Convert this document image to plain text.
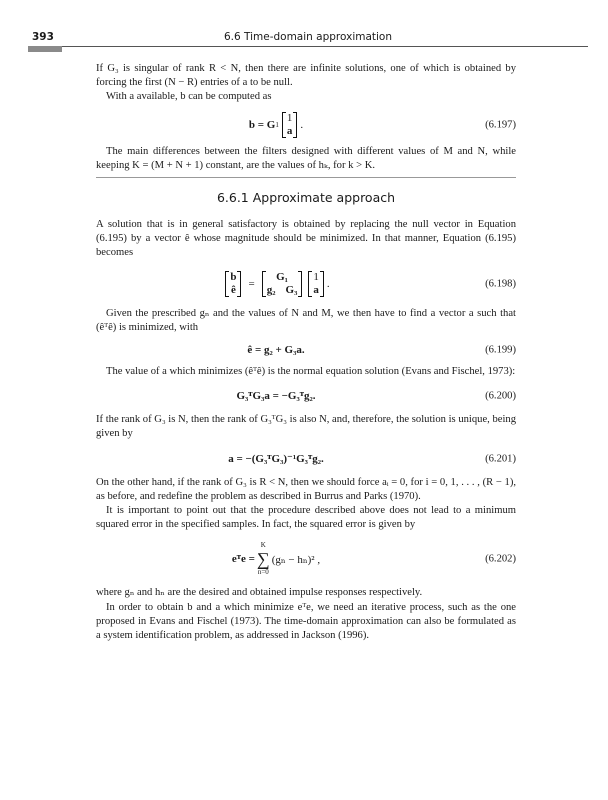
393	6.6 Time-domain approximation

If G₃ is singular of rank R < N, then there are infinite solutions, one of which is obtained by forcing the first (N − R) entries of a to be null.

With a available, b can be computed as

b = G 1
1
a .	(6.197)

The main differences between the filters designed with different values of M and N, while keeping K = (M + N + 1) constant, are the values of hₖ, for k > K.

6.6.1 Approximate approach

A solution that is in general satisfactory is obtained by replacing the null vector in Equation (6.195) by a vector ê whose magnitude should be minimized. In that manner, Equation (6.195) becomes

b
ê =
G₁
g₂ G₃
1
a .	(6.198)

Given the prescribed gₙ and the values of N and M, we then have to find a vector a such that (êᵀê) is minimized, with

ê = g₂ + G₃a.	(6.199)

The value of a which minimizes (êᵀê) is the normal equation solution (Evans and Fischel, 1973):

G₃ᵀG₃a = −G₃ᵀg₂.	(6.200)

If the rank of G₃ is N, then the rank of G₃ᵀG₃ is also N, and, therefore, the solution is unique, being given by

a = −(G₃ᵀG₃)⁻¹G₃ᵀg₂.	(6.201)

On the other hand, if the rank of G₃ is R < N, then we should force aᵢ = 0, for i = 0, 1, . . . , (R − 1), as before, and redefine the problem as described in Burrus and Parks (1970).

It is important to point out that the procedure described above does not lead to a minimum squared error in the specified samples. In fact, the squared error is given by

eᵀe =
K
∑
n=0
(gₙ − hₙ)² ,	(6.202)

where gₙ and hₙ are the desired and obtained impulse responses respectively.

In order to obtain b and a which minimize eᵀe, we need an iterative process, such as the one proposed in Evans and Fischel (1973). The time-domain approximation can also be formulated as a system identification problem, as addressed in Jackson (1996).
